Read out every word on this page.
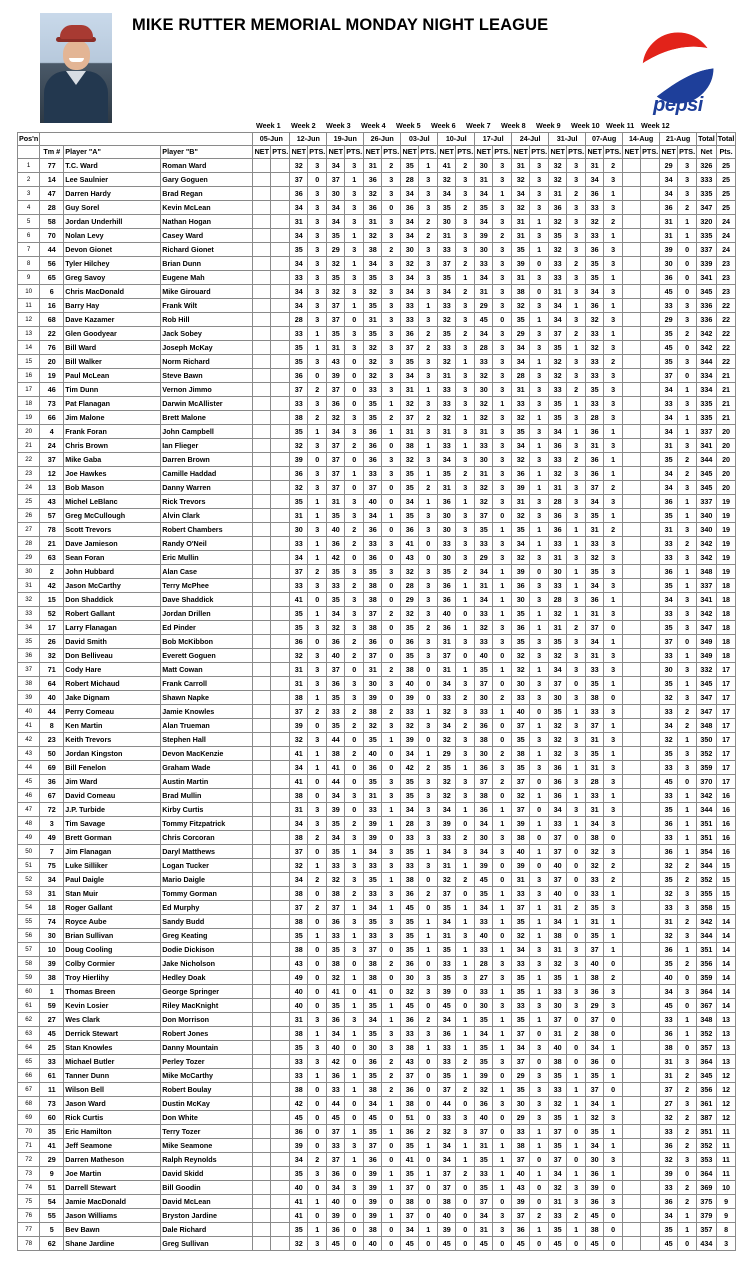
MIKE RUTTER MEMORIAL MONDAY NIGHT LEAGUE
pepsi
Week 1 Week 2 Week 3 Week 4 Week 5 Week 6 Week 7 Week 8 Week 9 Week 10 Week 11 Week 12
Pos'n				05-Jun		12-Jun		19-Jun		26-Jun		03-Jul		10-Jul		17-Jul		24-Jul		31-Jul		07-Aug		14-Aug		21-Aug		Total	Total
	Tm #	Player "A"	Player "B"	NET	PTS.	NET	PTS.	NET	PTS.	NET	PTS.	NET	PTS.	NET	PTS.	NET	PTS.	NET	PTS.	NET	PTS.	NET	PTS.	NET	PTS.	NET	PTS.	Net	Pts.
1	77	T.C. Ward	Roman Ward			32	3	34	3	31	2	35	1	41	2	30	3	31	3	32	3	31	2			29	3	326	25
2	14	Lee Saulnier	Gary Goguen			37	0	37	1	36	3	28	3	32	3	31	3	32	3	32	3	34	3			34	3	333	25
3	47	Darren Hardy	Brad Regan			36	3	30	3	32	3	34	3	34	3	34	1	34	3	31	2	36	1			34	3	335	25
4	28	Guy Sorel	Kevin McLean			34	3	34	3	36	0	36	3	35	2	35	3	32	3	36	3	33	3			36	2	347	25
5	58	Jordan Underhill	Nathan Hogan			31	3	34	3	31	3	34	2	30	3	34	3	31	1	32	3	32	2			31	1	320	24
6	70	Nolan Levy	Casey Ward			34	3	35	1	32	3	34	2	31	3	39	2	31	3	35	3	33	1			31	1	335	24
7	44	Devon Gionet	Richard Gionet			35	3	29	3	38	2	30	3	33	3	30	3	35	1	32	3	36	3			39	0	337	24
8	56	Tyler Hilchey	Brian Dunn			34	3	32	1	34	3	32	3	37	2	33	3	39	0	33	2	35	3			30	0	339	23
9	65	Greg Savoy	Eugene Mah			33	3	35	3	35	3	34	3	35	1	34	3	31	3	33	3	35	1			36	0	341	23
10	6	Chris MacDonald	Mike Girouard			34	3	32	3	32	3	34	3	34	2	31	3	38	0	31	3	34	3			45	0	345	23
11	16	Barry Hay	Frank Wilt			34	3	37	1	35	3	33	1	33	3	29	3	32	3	34	1	36	1			33	3	336	22
12	68	Dave Kazamer	Rob Hill			28	3	37	0	31	3	33	3	32	3	45	0	35	1	34	3	32	3			29	3	336	22
13	22	Glen Goodyear	Jack Sobey			33	1	35	3	35	3	36	2	35	2	34	3	29	3	37	2	33	1			35	2	342	22
14	76	Bill Ward	Joseph McKay			35	1	31	3	32	3	37	2	33	3	28	3	34	3	35	1	32	3			45	0	342	22
15	20	Bill Walker	Norm Richard			35	3	43	0	32	3	35	3	32	1	33	3	34	1	32	3	33	2			35	3	344	22
16	19	Paul McLean	Steve Bawn			36	0	39	0	32	3	34	3	31	3	32	3	28	3	32	3	33	3			37	0	334	21
17	46	Tim Dunn	Vernon Jimmo			37	2	37	0	33	3	31	1	33	3	30	3	31	3	33	2	35	3			34	1	334	21
18	73	Pat Flanagan	Darwin McAllister			33	3	36	0	35	1	32	3	33	3	32	1	33	3	35	1	33	3			33	3	335	21
19	66	Jim Malone	Brett Malone			38	2	32	3	35	2	37	2	32	1	32	3	32	1	35	3	28	3			34	1	335	21
20	4	Frank Foran	John Campbell			35	1	34	3	36	1	31	3	31	3	31	3	35	3	34	1	36	1			34	1	337	20
21	24	Chris Brown	Ian Flieger			32	3	37	2	36	0	38	1	33	1	33	3	34	1	36	3	31	3			31	3	341	20
22	37	Mike Gaba	Darren Brown			39	0	37	0	36	3	32	3	34	3	30	3	32	3	33	2	36	1			35	2	344	20
23	12	Joe Hawkes	Camille Haddad			36	3	37	1	33	3	35	1	35	2	31	3	36	1	32	3	36	1			34	2	345	20
24	13	Bob Mason	Danny Warren			32	3	37	0	37	0	35	2	31	3	32	3	39	1	31	3	37	2			34	3	345	20
25	43	Michel LeBlanc	Rick Trevors			35	1	31	3	40	0	34	1	36	1	32	3	31	3	28	3	34	3			36	1	337	19
26	57	Greg McCullough	Alvin Clark			31	1	35	3	34	1	35	3	30	3	37	0	32	3	36	3	35	1			35	1	340	19
27	78	Scott Trevors	Robert Chambers			30	3	40	2	36	0	36	3	30	3	35	1	35	1	36	1	31	2			31	3	340	19
28	21	Dave Jamieson	Randy O'Neil			33	1	36	2	33	3	41	0	33	3	33	3	34	1	33	1	33	3			33	2	342	19
29	63	Sean Foran	Eric Mullin			34	1	42	0	36	0	43	0	30	3	29	3	32	3	31	3	32	3			33	3	342	19
30	2	John Hubbard	Alan Case			37	2	35	3	35	3	32	3	35	2	34	1	39	0	30	1	35	3			36	1	348	19
31	42	Jason McCarthy	Terry McPhee			33	3	33	2	38	0	28	3	36	1	31	1	36	3	33	1	34	3			35	1	337	18
32	15	Don Shaddick	Dave Shaddick			41	0	35	3	38	0	29	3	36	1	34	1	30	3	28	3	36	1			34	3	341	18
33	52	Robert Gallant	Jordan Drillen			35	1	34	3	37	2	32	3	40	0	33	1	35	1	32	1	31	3			33	3	342	18
34	17	Larry Flanagan	Ed Pinder			35	3	32	3	38	0	35	2	36	1	32	3	36	1	31	2	37	0			35	3	347	18
35	26	David Smith	Bob McKibbon			36	0	36	2	36	0	36	3	31	3	33	3	35	3	35	3	34	1			37	0	349	18
36	32	Don Belliveau	Everett Goguen			32	3	40	2	37	0	35	3	37	0	40	0	32	3	32	3	31	3			33	1	349	18
37	71	Cody Hare	Matt Cowan			31	3	37	0	31	2	38	0	31	1	35	1	32	1	34	3	33	3			30	3	332	17
38	64	Robert Michaud	Frank Carroll			31	3	36	3	30	3	40	0	34	3	37	0	30	3	37	0	35	1			35	1	345	17
39	40	Jake Dignam	Shawn Napke			38	1	35	3	39	0	39	0	33	2	30	2	33	3	30	3	38	0			32	3	347	17
40	44	Perry Comeau	Jamie Knowles			37	2	33	2	38	2	33	1	32	3	33	1	40	0	35	1	33	3			33	2	347	17
41	8	Ken Martin	Alan Trueman			39	0	35	2	32	3	32	3	34	2	36	0	37	1	32	3	37	1			34	2	348	17
42	23	Keith Trevors	Stephen Hall			32	3	44	0	35	1	39	0	32	3	38	0	35	3	32	3	31	3			32	1	350	17
43	50	Jordan Kingston	Devon MacKenzie			41	1	38	2	40	0	34	1	29	3	30	2	38	1	32	3	35	1			35	3	352	17
44	69	Bill Fenelon	Graham Wade			34	1	41	0	36	0	42	2	35	1	36	3	35	3	36	1	31	3			33	3	359	17
45	36	Jim Ward	Austin Martin			41	0	44	0	35	3	35	3	32	3	37	2	37	0	36	3	28	3			45	0	370	17
46	67	David Comeau	Brad Mullin			38	0	34	3	31	3	35	3	32	3	38	0	32	1	36	1	33	1			33	1	342	16
47	72	J.P. Turbide	Kirby Curtis			31	3	39	0	33	1	34	3	34	1	36	1	37	0	34	3	31	3			35	1	344	16
48	3	Tim Savage	Tommy Fitzpatrick			34	3	35	2	39	1	28	3	39	0	34	1	39	1	33	1	34	3			36	1	351	16
49	49	Brett Gorman	Chris Corcoran			38	2	34	3	39	0	33	3	33	2	30	3	38	0	37	0	38	0			33	1	351	16
50	7	Jim Flanagan	Daryl Matthews			37	0	35	1	34	3	35	1	34	3	34	3	40	1	37	0	32	3			36	1	354	16
51	75	Luke Silliker	Logan Tucker			32	1	33	3	33	3	33	3	31	1	39	0	39	0	40	0	32	2			32	2	344	15
52	34	Paul Daigle	Mario Daigle			34	2	32	3	35	1	38	0	32	2	45	0	31	3	37	0	33	2			35	2	352	15
53	31	Stan Muir	Tommy Gorman			38	0	38	2	33	3	36	2	37	0	35	1	33	3	40	0	33	1			32	3	355	15
54	18	Roger Gallant	Ed Murphy			37	2	37	1	34	1	45	0	35	1	34	1	37	1	31	2	35	3			33	3	358	15
55	74	Royce Aube	Sandy Budd			38	0	36	3	35	3	35	1	34	1	33	1	35	1	34	1	31	1			31	2	342	14
56	30	Brian Sullivan	Greg Keating			35	1	33	1	33	3	35	1	31	3	40	0	32	1	38	0	35	1			32	3	344	14
57	10	Doug Cooling	Dodie Dickison			38	0	35	3	37	0	35	1	35	1	33	1	34	3	31	3	37	1			36	1	351	14
58	39	Colby Cormier	Jake Nicholson			43	0	38	0	38	2	36	0	33	1	28	3	33	3	32	3	40	0			35	2	356	14
59	38	Troy Hierlihy	Hedley Doak			49	0	32	1	38	0	30	3	35	3	27	3	35	1	35	1	38	2			40	0	359	14
60	1	Thomas Breen	George Springer			40	0	41	0	41	0	32	3	39	0	33	1	35	1	33	3	36	3			34	3	364	14
61	59	Kevin Losier	Riley MacKnight			40	0	35	1	35	1	45	0	45	0	30	3	33	3	30	3	29	3			45	0	367	14
62	27	Wes Clark	Don Morrison			31	3	36	3	34	1	36	2	34	1	35	1	35	1	37	0	37	0			33	1	348	13
63	45	Derrick Stewart	Robert Jones			38	1	34	1	35	3	33	3	36	1	34	1	37	0	31	2	38	0			36	1	352	13
64	25	Stan Knowles	Danny Mountain			35	3	40	0	30	3	38	1	33	1	35	1	34	3	40	0	34	1			38	0	357	13
65	33	Michael Butler	Perley Tozer			33	3	42	0	36	2	43	0	33	2	35	3	37	0	38	0	36	0			31	3	364	13
66	61	Tanner Dunn	Mike McCarthy			33	1	36	1	35	2	37	0	35	1	39	0	29	3	35	1	35	1			31	2	345	12
67	11	Wilson Bell	Robert Boulay			38	0	33	1	38	2	36	0	37	2	32	1	35	3	33	1	37	0			37	2	356	12
68	73	Jason Ward	Dustin McKay			42	0	44	0	34	1	38	0	44	0	36	3	30	3	32	1	34	1			27	3	361	12
69	60	Rick Curtis	Don White			45	0	45	0	45	0	51	0	33	3	40	0	29	3	35	1	32	3			32	2	387	12
70	35	Eric Hamilton	Terry Tozer			36	0	37	1	35	1	36	2	32	3	37	0	33	1	37	0	35	1			33	2	351	11
71	41	Jeff Seamone	Mike Seamone			39	0	33	3	37	0	35	1	34	1	31	1	38	1	35	1	34	1			36	2	352	11
72	29	Darren Matheson	Ralph Reynolds			34	2	37	1	36	0	41	0	34	1	35	1	37	0	37	0	30	3			32	3	353	11
73	9	Joe Martin	David Skidd			35	3	36	0	39	1	35	1	37	2	33	1	40	1	34	1	36	1			39	0	364	11
74	51	Darrell Stewart	Bill Goodin			40	0	34	3	39	1	37	0	37	0	35	1	43	0	32	3	39	0			33	2	369	10
75	54	Jamie MacDonald	David McLean			41	1	40	0	39	0	38	0	38	0	37	0	39	0	31	3	36	3			36	2	375	9
76	55	Jason Williams	Bryston Jardine			41	0	39	0	39	1	37	0	40	0	34	3	37	2	33	2	45	0			34	1	379	9
77	5	Bev Bawn	Dale Richard			35	1	36	0	38	0	34	1	39	0	31	3	36	1	35	1	38	0			35	1	357	8
78	62	Shane Jardine	Greg Sullivan			32	3	45	0	40	0	45	0	45	0	45	0	45	0	45	0	45	0			45	0	434	3
